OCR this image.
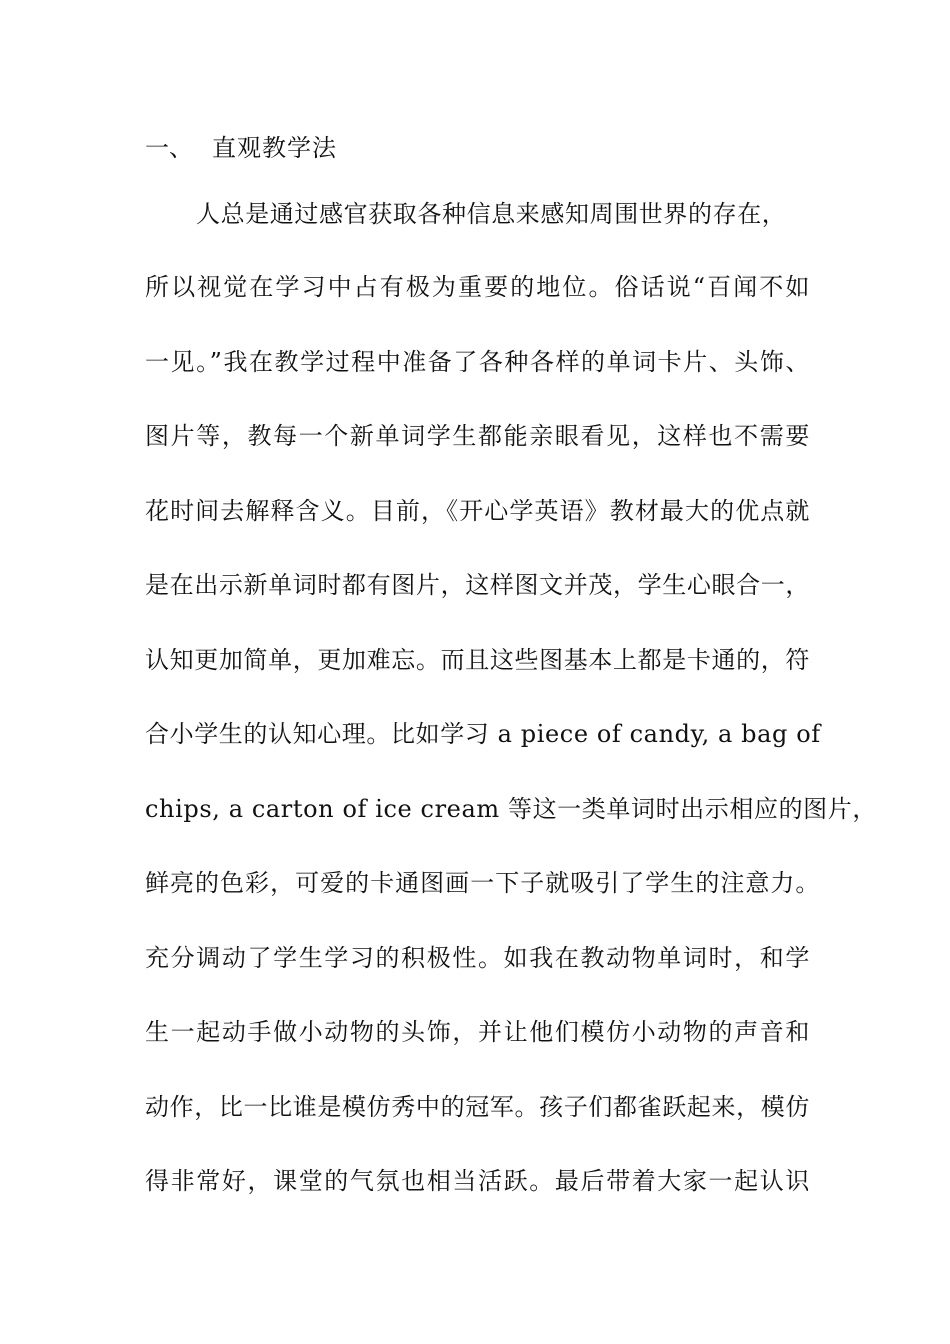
一、 直观教学法
人总是通过感官获取各种信息来感知周围世界的存在，
所以视觉在学习中占有极为重要的地位。俗话说“百闻不如
一见。”我在教学过程中准备了各种各样的单词卡片、头饰、
图片等，教每一个新单词学生都能亲眼看见，这样也不需要
花时间去解释含义。目前，《开心学英语》教材最大的优点就
是在出示新单词时都有图片，这样图文并茂，学生心眼合一，
认知更加简单，更加难忘。而且这些图基本上都是卡通的，符
合小学生的认知心理。比如学习 a piece of candy, a bag of
chips, a carton of ice cream 等这一类单词时出示相应的图片，
鲜亮的色彩，可爱的卡通图画一下子就吸引了学生的注意力。
充分调动了学生学习的积极性。如我在教动物单词时，和学
生一起动手做小动物的头饰，并让他们模仿小动物的声音和
动作，比一比谁是模仿秀中的冠军。孩子们都雀跃起来，模仿
得非常好，课堂的气氛也相当活跃。最后带着大家一起认识
